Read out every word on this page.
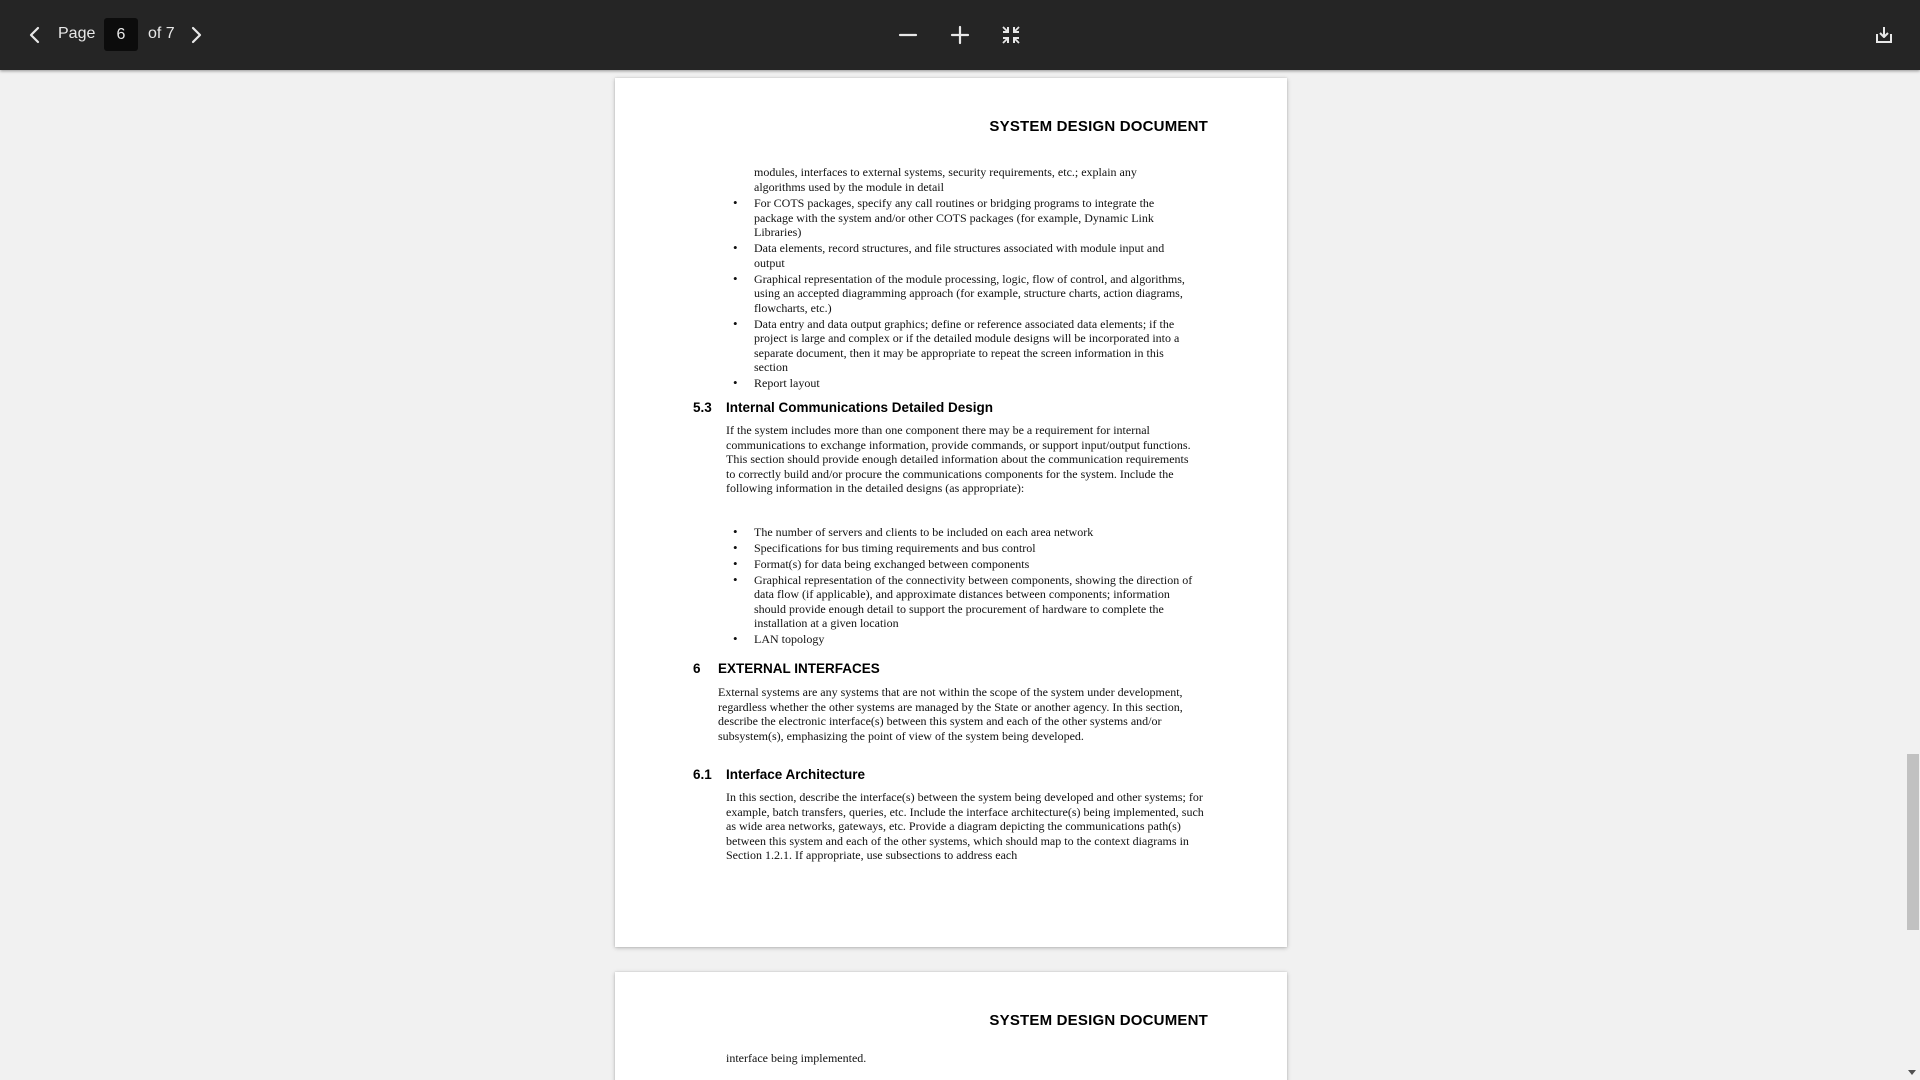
Page
6	of 7
SYSTEM DESIGN DOCUMENT
modules, interfaces to external systems, security requirements, etc.; explain any
algorithms used by the module in detail
• For COTS packages, specify any call routines or bridging programs to integrate the package with the system and/or other COTS packages (for example, Dynamic Link Libraries)
• Data elements, record structures, and file structures associated with module input and output
• Graphical representation of the module processing, logic, flow of control, and algorithms, using an accepted diagramming approach (for example, structure charts, action diagrams, flowcharts, etc.)
• Data entry and data output graphics; define or reference associated data elements; if the project is large and complex or if the detailed module designs will be incorporated into a separate document, then it may be appropriate to repeat the screen information in this section
• Report layout
5.3 Internal Communications Detailed Design
If the system includes more than one component there may be a requirement for internal communications to exchange information, provide commands, or support input/output functions. This section should provide enough detailed information about the communication requirements to correctly build and/or procure the communications components for the system. Include the following information in the detailed designs (as appropriate):
• The number of servers and clients to be included on each area network
• Specifications for bus timing requirements and bus control
• Format(s) for data being exchanged between components
• Graphical representation of the connectivity between components, showing the direction of data flow (if applicable), and approximate distances between components; information should provide enough detail to support the procurement of hardware to complete the installation at a given location
• LAN topology
6 EXTERNAL INTERFACES
External systems are any systems that are not within the scope of the system under development, regardless whether the other systems are managed by the State or another agency. In this section, describe the electronic interface(s) between this system and each of the other systems and/or subsystem(s), emphasizing the point of view of the system being developed.
6.1 Interface Architecture
In this section, describe the interface(s) between the system being developed and other systems; for example, batch transfers, queries, etc. Include the interface architecture(s) being implemented, such as wide area networks, gateways, etc. Provide a diagram depicting the communications path(s) between this system and each of the other systems, which should map to the context diagrams in Section 1.2.1. If appropriate, use subsections to address each
SYSTEM DESIGN DOCUMENT
interface being implemented.
